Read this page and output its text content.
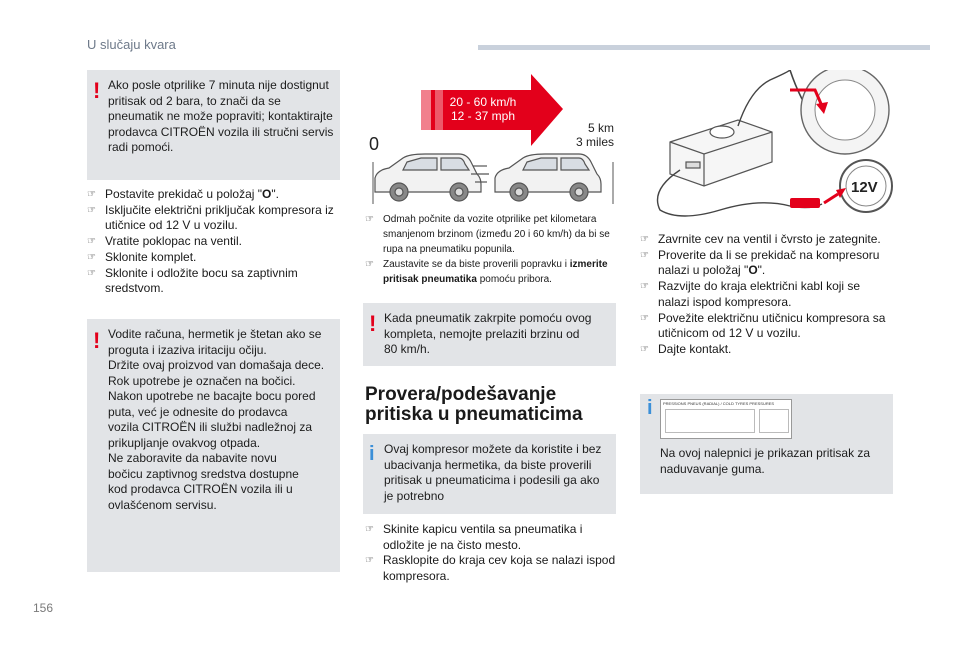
U slučaju kvara
! Ako posle otprilike 7 minuta nije dostignut
pritisak od 2 bara, to znači da se
pneumatik ne može popraviti; kontaktirajte
prodavca CITROËN vozila ili stručni servis
radi pomoći.
☞ Postavite prekidač u položaj "O".
☞ Isključite električni priključak kompresora iz utičnice od 12 V u vozilu.
☞ Vratite poklopac na ventil.
☞ Sklonite komplet.
☞ Sklonite i odložite bocu sa zaptivnim sredstvom.
! Vodite računa, hermetik je štetan ako se
proguta i izaziva iritaciju očiju.
Držite ovaj proizvod van domašaja dece.
Rok upotrebe je označen na bočici.
Nakon upotrebe ne bacajte bocu pored
puta, već je odnesite do prodavca
vozila CITROËN ili službi nadležnoj za
prikupljanje ovakvog otpada.
Ne zaboravite da nabavite novu
bočicu zaptivnog sredstva dostupne
kod prodavca CITROËN vozila ili u
ovlašćenom servisu.
0
20 - 60 km/h
12 - 37 mph
5 km
3 miles
☞ Odmah počnite da vozite otprilike pet kilometara smanjenom brzinom (između 20 i 60 km/h) da bi se rupa na pneumatiku popunila.
☞ Zaustavite se da biste proverili popravku i izmerite pritisak pneumatika pomoću pribora.
! Kada pneumatik zakrpite pomoću ovog
kompleta, nemojte prelaziti brzinu od
80 km/h.
Provera/podešavanje
pritiska u pneumaticima
i Ovaj kompresor možete da koristite i bez
ubacivanja hermetika, da biste proverili
pritisak u pneumaticima i podesili ga ako
je potrebno
☞ Skinite kapicu ventila sa pneumatika i odložite je na čisto mesto.
☞ Rasklopite do kraja cev koja se nalazi ispod kompresora.
12V
☞ Zavrnite cev na ventil i čvrsto je zategnite.
☞ Proverite da li se prekidač na kompresoru nalazi u položaj "O".
☞ Razvijte do kraja električni kabl koji se nalazi ispod kompresora.
☞ Povežite električnu utičnicu kompresora sa utičnicom od 12 V u vozilu.
☞ Dajte kontakt.
i	PRESSIONS PNEUS (RADIAL) / COLD TYRES PRESSURES
Na ovoj nalepnici je prikazan pritisak za
naduvavanje guma.
156
